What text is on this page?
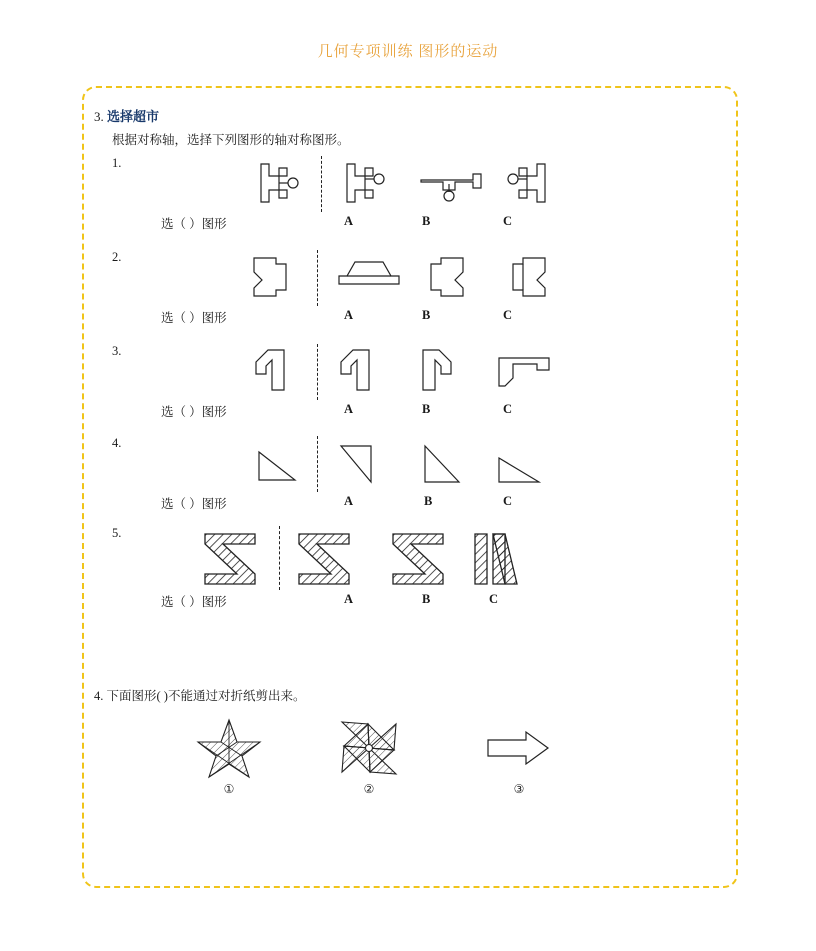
几何专项训练 图形的运动
3. 选择超市
根据对称轴，选择下列图形的轴对称图形。
1.
选（ ）图形	A	B	C
2.
选（ ）图形	A	B	C
3.
选（ ）图形	A	B	C
4.
选（ ）图形	A	B	C
5.
选（ ）图形	A	B	C
4. 下面图形( )不能通过对折纸剪出来。
①	②	③
